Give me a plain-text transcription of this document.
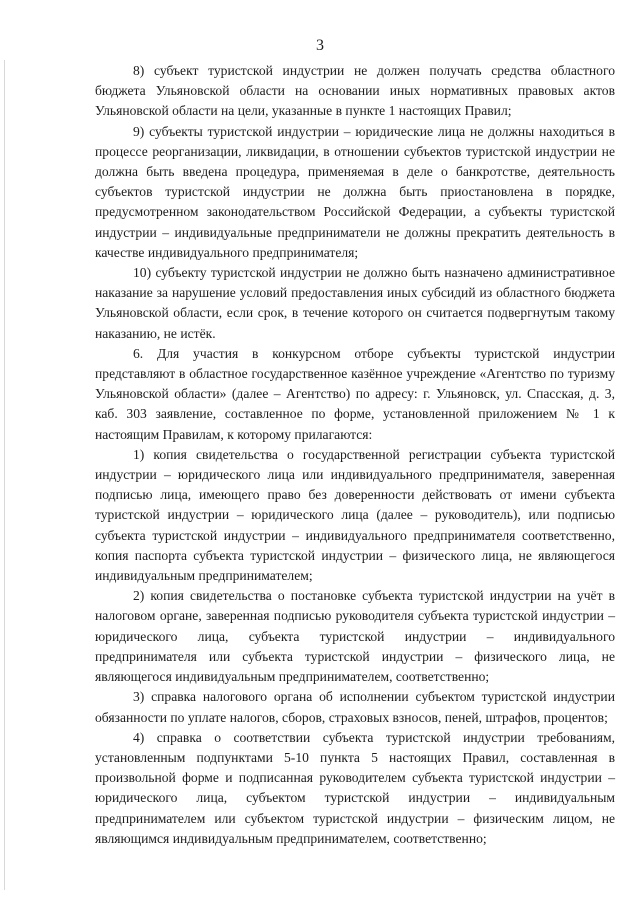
3

8) субъект туристской индустрии не должен получать средства областного бюджета Ульяновской области на основании иных нормативных правовых актов Ульяновской области на цели, указанные в пункте 1 настоящих Правил;

9) субъекты туристской индустрии – юридические лица не должны находиться в процессе реорганизации, ликвидации, в отношении субъектов туристской индустрии не должна быть введена процедура, применяемая в деле о банкротстве, деятельность субъектов туристской индустрии не должна быть приостановлена в порядке, предусмотренном законодательством Российской Федерации, а субъекты туристской индустрии – индивидуальные предприниматели не должны прекратить деятельность в качестве индивидуального предпринимателя;

10) субъекту туристской индустрии не должно быть назначено административное наказание за нарушение условий предоставления иных субсидий из областного бюджета Ульяновской области, если срок, в течение которого он считается подвергнутым такому наказанию, не истёк.

6. Для участия в конкурсном отборе субъекты туристской индустрии представляют в областное государственное казённое учреждение «Агентство по туризму Ульяновской области» (далее – Агентство) по адресу: г. Ульяновск, ул. Спасская, д. 3, каб. 303 заявление, составленное по форме, установленной приложением № 1 к настоящим Правилам, к которому прилагаются:

1) копия свидетельства о государственной регистрации субъекта туристской индустрии – юридического лица или индивидуального предпринимателя, заверенная подписью лица, имеющего право без доверенности действовать от имени субъекта туристской индустрии – юридического лица (далее – руководитель), или подписью субъекта туристской индустрии – индивидуального предпринимателя соответственно, копия паспорта субъекта туристской индустрии – физического лица, не являющегося индивидуальным предпринимателем;

2) копия свидетельства о постановке субъекта туристской индустрии на учёт в налоговом органе, заверенная подписью руководителя субъекта туристской индустрии – юридического лица, субъекта туристской индустрии – индивидуального предпринимателя или субъекта туристской индустрии – физического лица, не являющегося индивидуальным предпринимателем, соответственно;

3) справка налогового органа об исполнении субъектом туристской индустрии обязанности по уплате налогов, сборов, страховых взносов, пеней, штрафов, процентов;

4) справка о соответствии субъекта туристской индустрии требованиям, установленным подпунктами 5-10 пункта 5 настоящих Правил, составленная в произвольной форме и подписанная руководителем субъекта туристской индустрии – юридического лица, субъектом туристской индустрии – индивидуальным предпринимателем или субъектом туристской индустрии – физическим лицом, не являющимся индивидуальным предпринимателем, соответственно;
